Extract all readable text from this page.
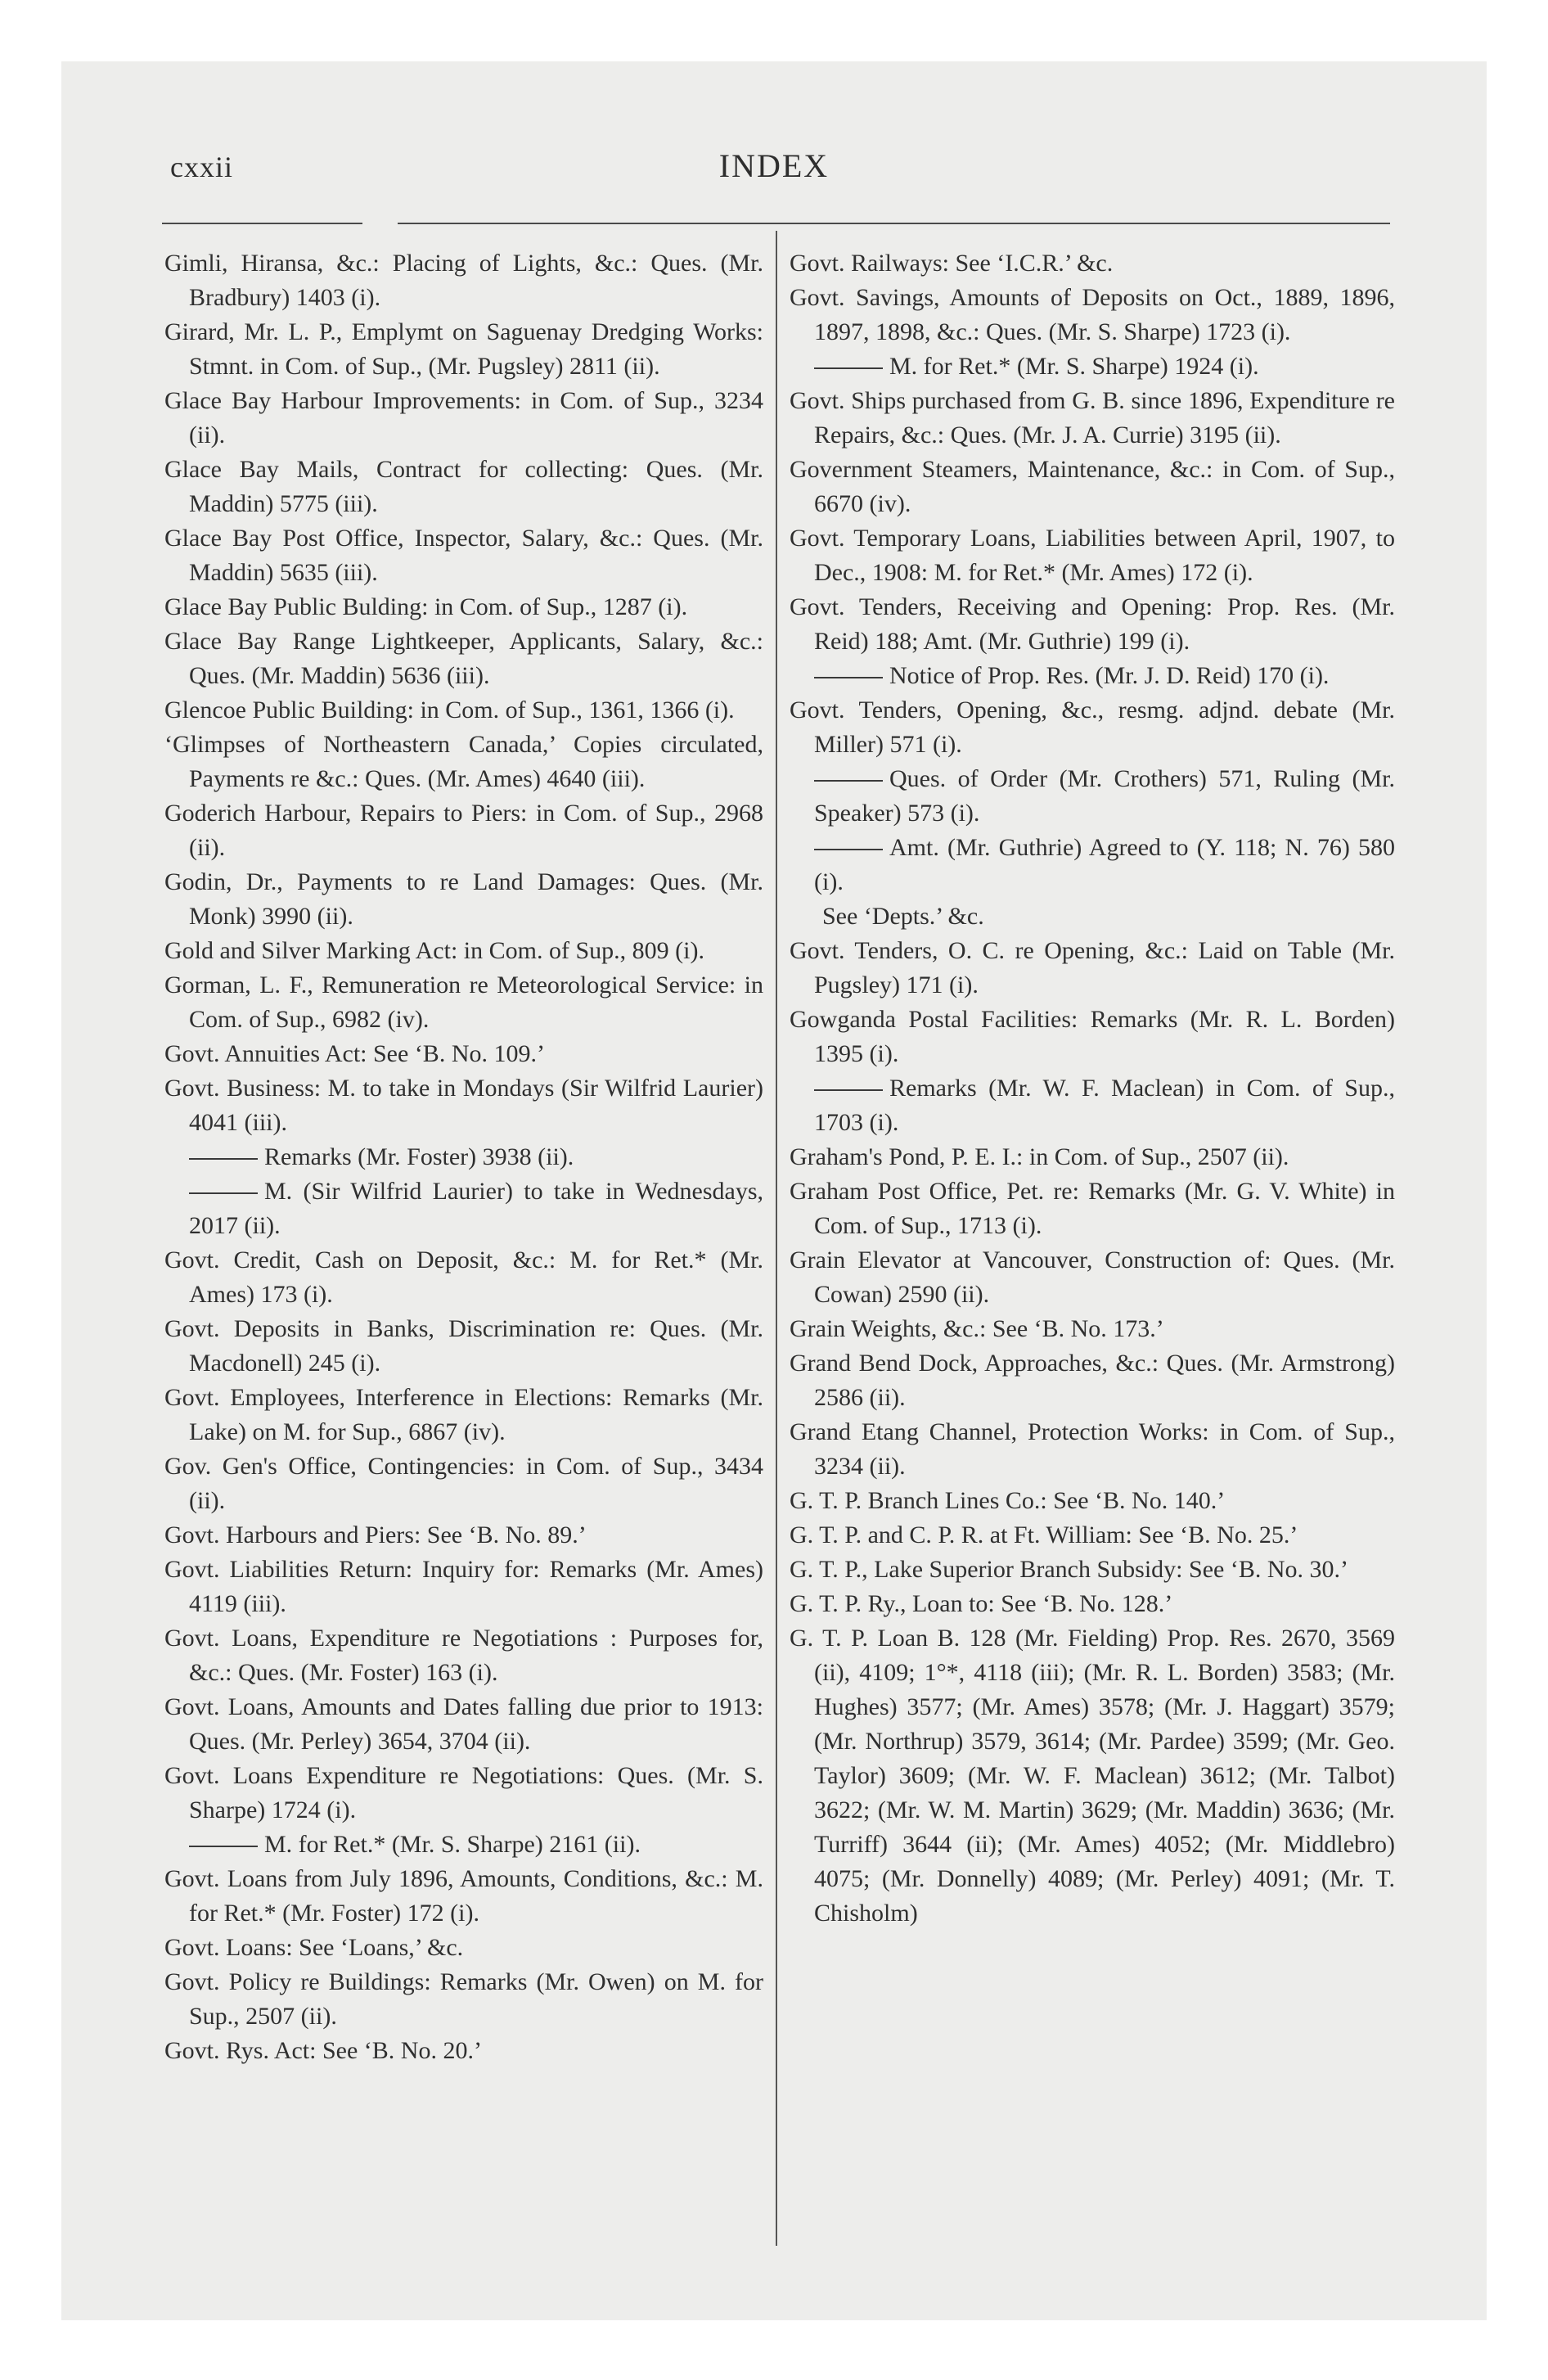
cxxii	INDEX
Gimli, Hiransa, &c.: Placing of Lights, &c.: Ques. (Mr. Bradbury) 1403 (i).
Girard, Mr. L. P., Emplymt on Saguenay Dredging Works: Stmnt. in Com. of Sup., (Mr. Pugsley) 2811 (ii).
Glace Bay Harbour Improvements: in Com. of Sup., 3234 (ii).
Glace Bay Mails, Contract for collecting: Ques. (Mr. Maddin) 5775 (iii).
Glace Bay Post Office, Inspector, Salary, &c.: Ques. (Mr. Maddin) 5635 (iii).
Glace Bay Public Bulding: in Com. of Sup., 1287 (i).
Glace Bay Range Lightkeeper, Applicants, Salary, &c.: Ques. (Mr. Maddin) 5636 (iii).
Glencoe Public Building: in Com. of Sup., 1361, 1366 (i).
‘Glimpses of Northeastern Canada,’ Copies circulated, Payments re &c.: Ques. (Mr. Ames) 4640 (iii).
Goderich Harbour, Repairs to Piers: in Com. of Sup., 2968 (ii).
Godin, Dr., Payments to re Land Damages: Ques. (Mr. Monk) 3990 (ii).
Gold and Silver Marking Act: in Com. of Sup., 809 (i).
Gorman, L. F., Remuneration re Meteorological Service: in Com. of Sup., 6982 (iv).
Govt. Annuities Act: See ‘B. No. 109.’
Govt. Business: M. to take in Mondays (Sir Wilfrid Laurier) 4041 (iii).
Remarks (Mr. Foster) 3938 (ii).
M. (Sir Wilfrid Laurier) to take in Wednesdays, 2017 (ii).
Govt. Credit, Cash on Deposit, &c.: M. for Ret.* (Mr. Ames) 173 (i).
Govt. Deposits in Banks, Discrimination re: Ques. (Mr. Macdonell) 245 (i).
Govt. Employees, Interference in Elections: Remarks (Mr. Lake) on M. for Sup., 6867 (iv).
Gov. Gen's Office, Contingencies: in Com. of Sup., 3434 (ii).
Govt. Harbours and Piers: See ‘B. No. 89.’
Govt. Liabilities Return: Inquiry for: Remarks (Mr. Ames) 4119 (iii).
Govt. Loans, Expenditure re Negotiations : Purposes for, &c.: Ques. (Mr. Foster) 163 (i).
Govt. Loans, Amounts and Dates falling due prior to 1913: Ques. (Mr. Perley) 3654, 3704 (ii).
Govt. Loans Expenditure re Negotiations: Ques. (Mr. S. Sharpe) 1724 (i).
M. for Ret.* (Mr. S. Sharpe) 2161 (ii).
Govt. Loans from July 1896, Amounts, Conditions, &c.: M. for Ret.* (Mr. Foster) 172 (i).
Govt. Loans: See ‘Loans,’ &c.
Govt. Policy re Buildings: Remarks (Mr. Owen) on M. for Sup., 2507 (ii).
Govt. Rys. Act: See ‘B. No. 20.’
Govt. Railways: See ‘I.C.R.’ &c.
Govt. Savings, Amounts of Deposits on Oct., 1889, 1896, 1897, 1898, &c.: Ques. (Mr. S. Sharpe) 1723 (i).
M. for Ret.* (Mr. S. Sharpe) 1924 (i).
Govt. Ships purchased from G. B. since 1896, Expenditure re Repairs, &c.: Ques. (Mr. J. A. Currie) 3195 (ii).
Government Steamers, Maintenance, &c.: in Com. of Sup., 6670 (iv).
Govt. Temporary Loans, Liabilities between April, 1907, to Dec., 1908: M. for Ret.* (Mr. Ames) 172 (i).
Govt. Tenders, Receiving and Opening: Prop. Res. (Mr. Reid) 188; Amt. (Mr. Guthrie) 199 (i).
Notice of Prop. Res. (Mr. J. D. Reid) 170 (i).
Govt. Tenders, Opening, &c., resmg. adjnd. debate (Mr. Miller) 571 (i).
Ques. of Order (Mr. Crothers) 571, Ruling (Mr. Speaker) 573 (i).
Amt. (Mr. Guthrie) Agreed to (Y. 118; N. 76) 580 (i).
See ‘Depts.’ &c.
Govt. Tenders, O. C. re Opening, &c.: Laid on Table (Mr. Pugsley) 171 (i).
Gowganda Postal Facilities: Remarks (Mr. R. L. Borden) 1395 (i).
Remarks (Mr. W. F. Maclean) in Com. of Sup., 1703 (i).
Graham's Pond, P. E. I.: in Com. of Sup., 2507 (ii).
Graham Post Office, Pet. re: Remarks (Mr. G. V. White) in Com. of Sup., 1713 (i).
Grain Elevator at Vancouver, Construction of: Ques. (Mr. Cowan) 2590 (ii).
Grain Weights, &c.: See ‘B. No. 173.’
Grand Bend Dock, Approaches, &c.: Ques. (Mr. Armstrong) 2586 (ii).
Grand Etang Channel, Protection Works: in Com. of Sup., 3234 (ii).
G. T. P. Branch Lines Co.: See ‘B. No. 140.’
G. T. P. and C. P. R. at Ft. William: See ‘B. No. 25.’
G. T. P., Lake Superior Branch Subsidy: See ‘B. No. 30.’
G. T. P. Ry., Loan to: See ‘B. No. 128.’
G. T. P. Loan B. 128 (Mr. Fielding) Prop. Res. 2670, 3569 (ii), 4109; 1°*, 4118 (iii); (Mr. R. L. Borden) 3583; (Mr. Hughes) 3577; (Mr. Ames) 3578; (Mr. J. Haggart) 3579; (Mr. Northrup) 3579, 3614; (Mr. Pardee) 3599; (Mr. Geo. Taylor) 3609; (Mr. W. F. Maclean) 3612; (Mr. Talbot) 3622; (Mr. W. M. Martin) 3629; (Mr. Maddin) 3636; (Mr. Turriff) 3644 (ii); (Mr. Ames) 4052; (Mr. Middlebro) 4075; (Mr. Donnelly) 4089; (Mr. Perley) 4091; (Mr. T. Chisholm)
